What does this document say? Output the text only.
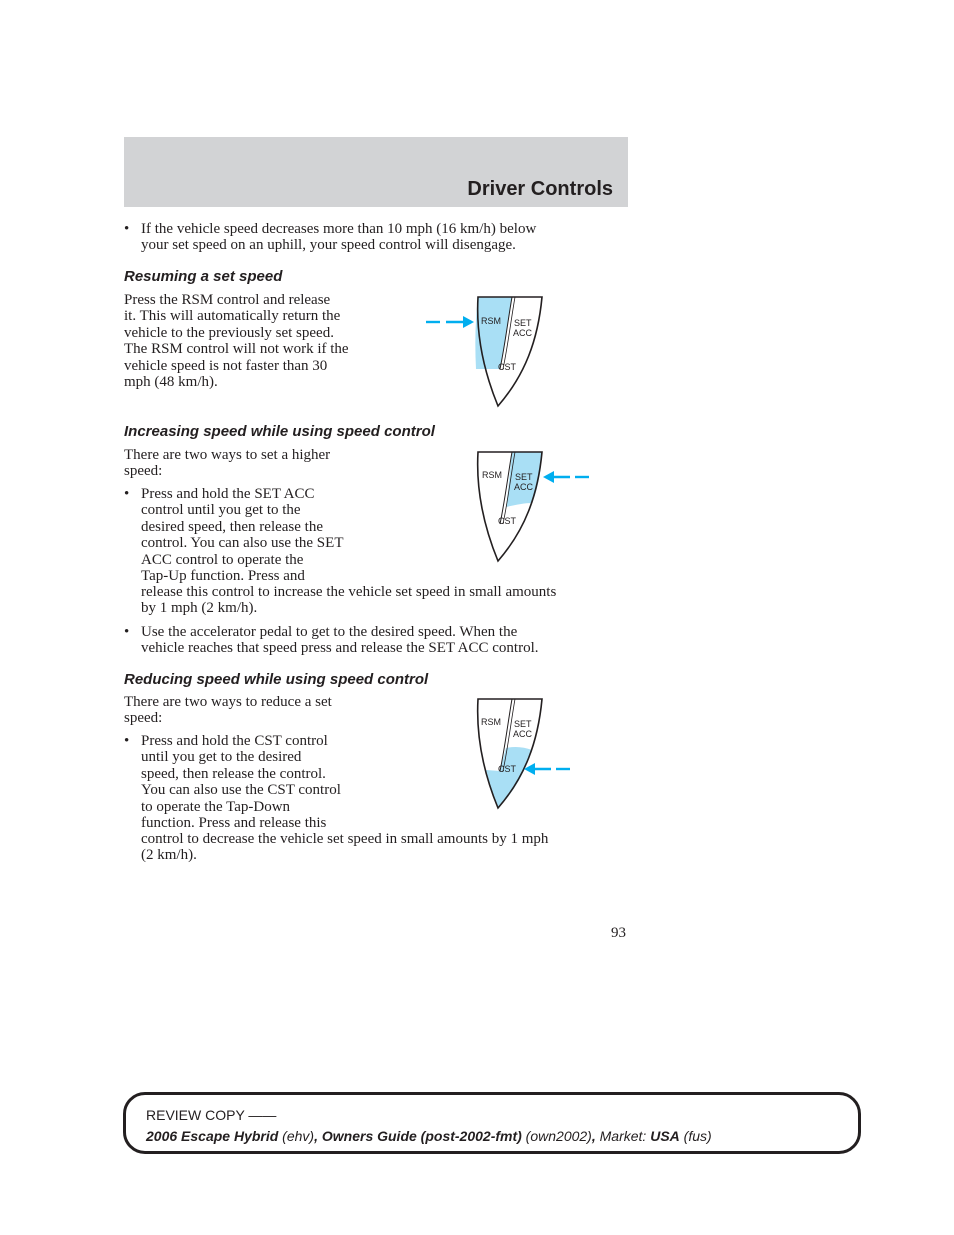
Driver Controls
• If the vehicle speed decreases more than 10 mph (16 km/h) below
your set speed on an uphill, your speed control will disengage.

Resuming a set speed

Press the RSM control and release
it. This will automatically return the
vehicle to the previously set speed.
The RSM control will not work if the
vehicle speed is not faster than 30
mph (48 km/h).

RSM SET
ACC
CST
Increasing speed while using speed control

There are two ways to set a higher
speed:

• Press and hold the SET ACC
control until you get to the
desired speed, then release the
control. You can also use the SET
ACC control to operate the
Tap-Up function. Press and

release this control to increase the vehicle set speed in small amounts
by 1 mph (2 km/h).

• Use the accelerator pedal to get to the desired speed. When the
vehicle reaches that speed press and release the SET ACC control.

RSM SET
ACC
CST
Reducing speed while using speed control

There are two ways to reduce a set
speed:

• Press and hold the CST control
until you get to the desired
speed, then release the control.
You can also use the CST control
to operate the Tap-Down
function. Press and release this

control to decrease the vehicle set speed in small amounts by 1 mph
(2 km/h).

RSM SET
ACC
CST
93
REVIEW COPY ——
2006 Escape Hybrid (ehv), Owners Guide (post-2002-fmt) (own2002), Market: USA (fus)
